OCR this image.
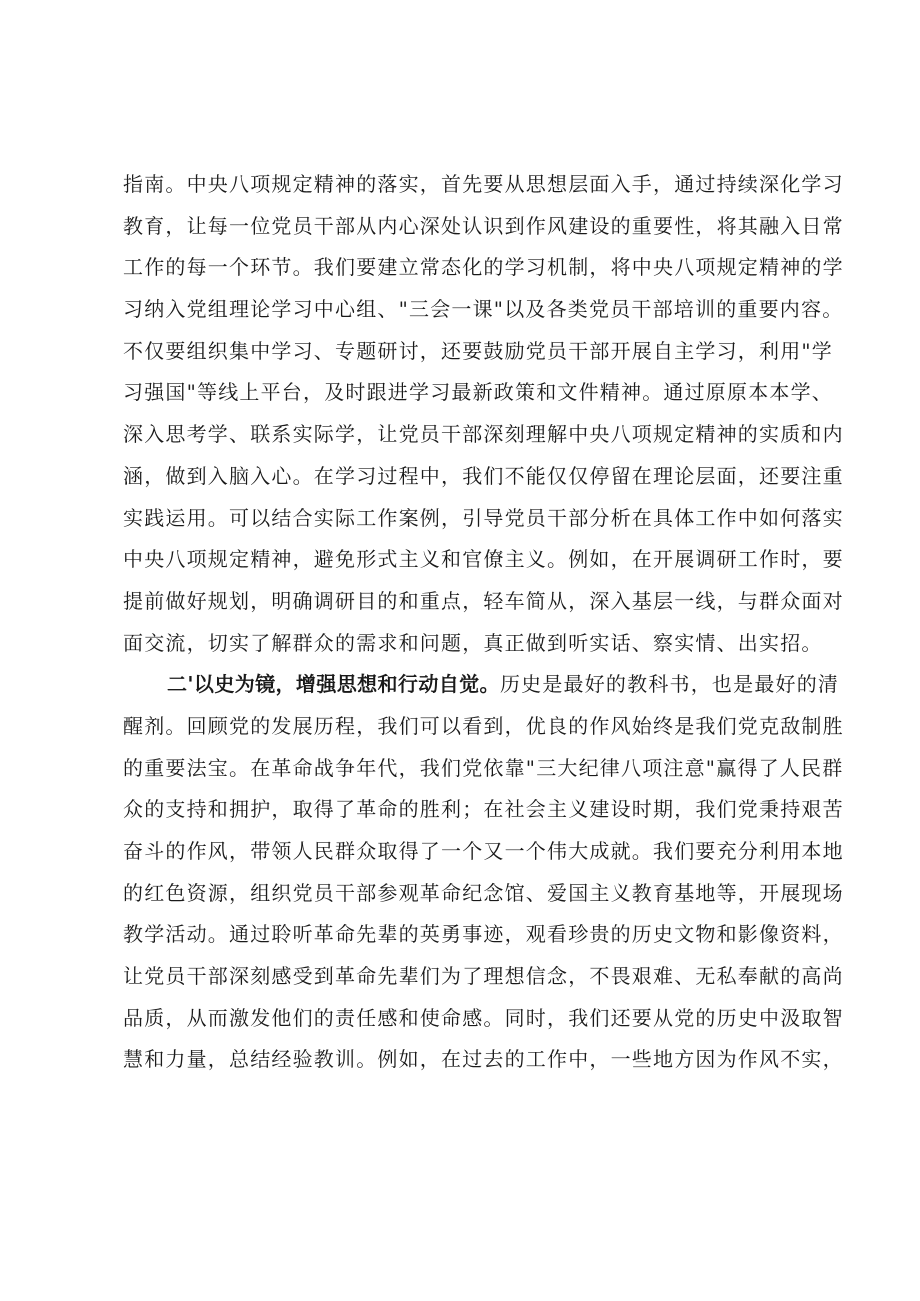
指南。中央八项规定精神的落实，首先要从思想层面入手，通过持续深化学习
教育，让每一位党员干部从内心深处认识到作风建设的重要性，将其融入日常
工作的每一个环节。我们要建立常态化的学习机制，将中央八项规定精神的学
习纳入党组理论学习中心组、"三会一课"以及各类党员干部培训的重要内容。
不仅要组织集中学习、专题研讨，还要鼓励党员干部开展自主学习，利用"学
习强国"等线上平台，及时跟进学习最新政策和文件精神。通过原原本本学、
深入思考学、联系实际学，让党员干部深刻理解中央八项规定精神的实质和内
涵，做到入脑入心。在学习过程中，我们不能仅仅停留在理论层面，还要注重
实践运用。可以结合实际工作案例，引导党员干部分析在具体工作中如何落实
中央八项规定精神，避免形式主义和官僚主义。例如，在开展调研工作时，要
提前做好规划，明确调研目的和重点，轻车简从，深入基层一线，与群众面对
面交流，切实了解群众的需求和问题，真正做到听实话、察实情、出实招。
二'以史为镜，增强思想和行动自觉。历史是最好的教科书，也是最好的清
醒剂。回顾党的发展历程，我们可以看到，优良的作风始终是我们党克敌制胜
的重要法宝。在革命战争年代，我们党依靠"三大纪律八项注意"赢得了人民群
众的支持和拥护，取得了革命的胜利；在社会主义建设时期，我们党秉持艰苦
奋斗的作风，带领人民群众取得了一个又一个伟大成就。我们要充分利用本地
的红色资源，组织党员干部参观革命纪念馆、爱国主义教育基地等，开展现场
教学活动。通过聆听革命先辈的英勇事迹，观看珍贵的历史文物和影像资料，
让党员干部深刻感受到革命先辈们为了理想信念，不畏艰难、无私奉献的高尚
品质，从而激发他们的责任感和使命感。同时，我们还要从党的历史中汲取智
慧和力量，总结经验教训。例如，在过去的工作中，一些地方因为作风不实，
